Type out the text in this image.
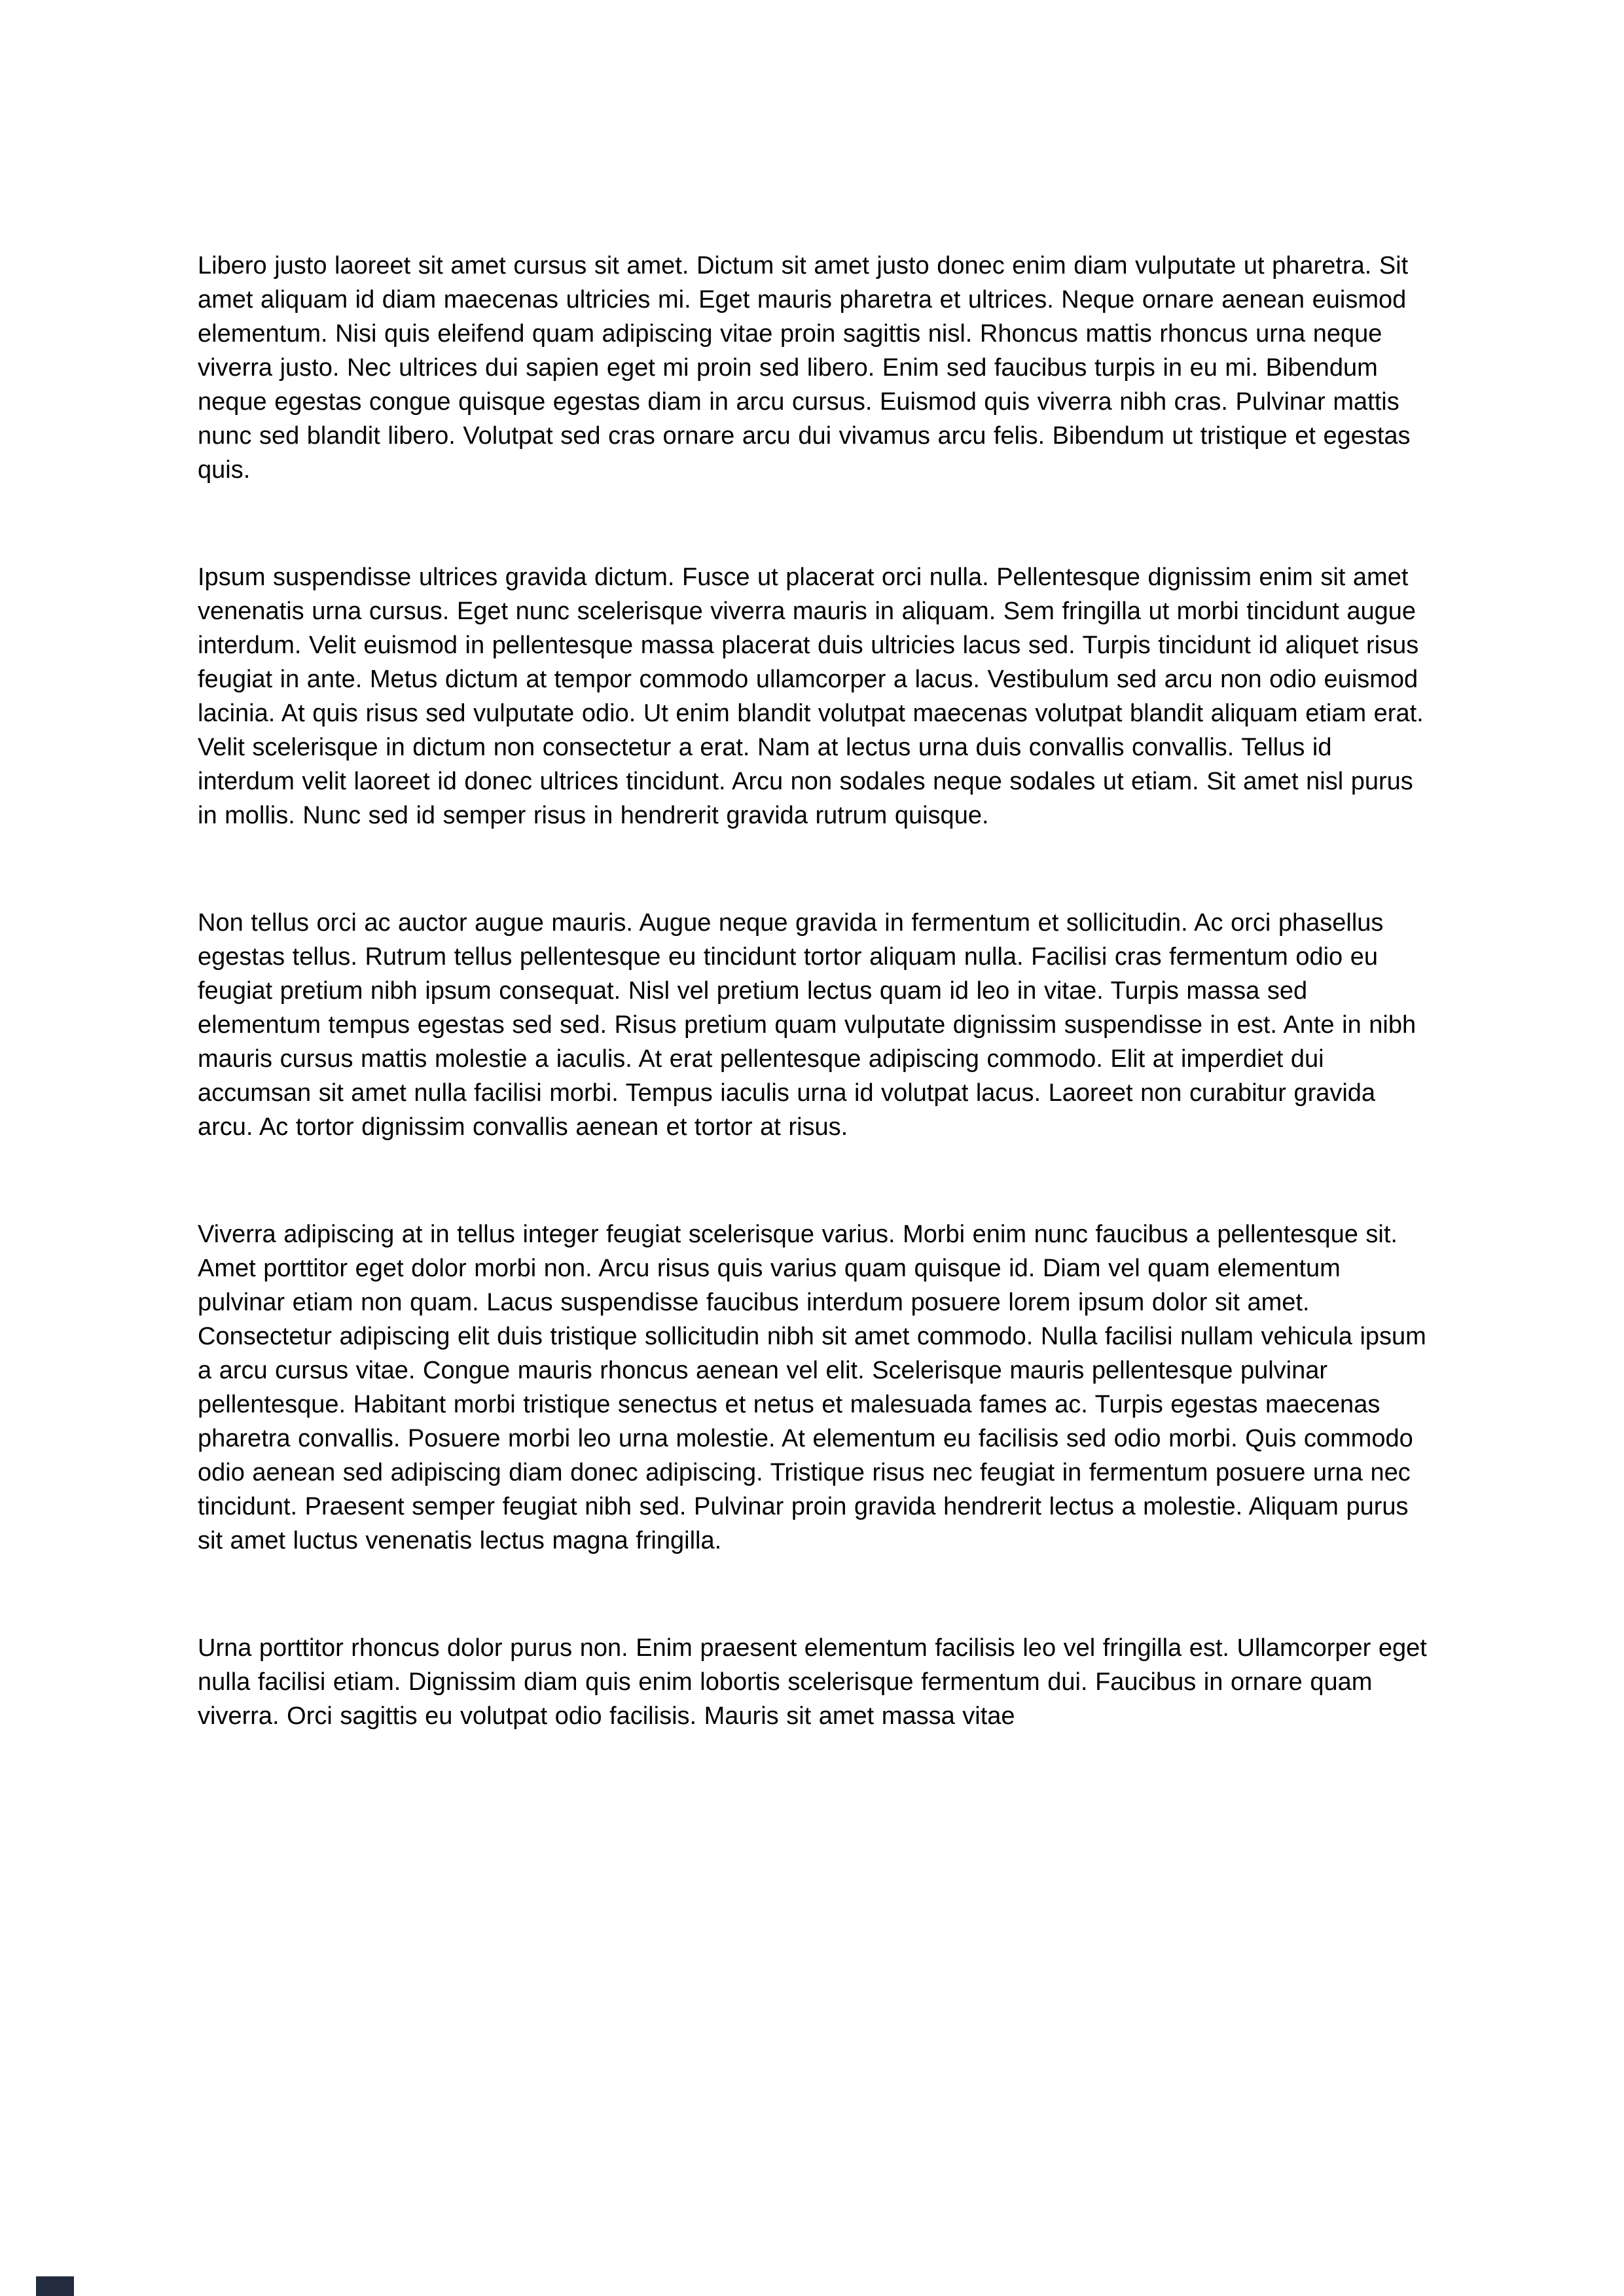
Libero justo laoreet sit amet cursus sit amet. Dictum sit amet justo donec enim diam vulputate ut pharetra. Sit amet aliquam id diam maecenas ultricies mi. Eget mauris pharetra et ultrices. Neque ornare aenean euismod elementum. Nisi quis eleifend quam adipiscing vitae proin sagittis nisl. Rhoncus mattis rhoncus urna neque viverra justo. Nec ultrices dui sapien eget mi proin sed libero. Enim sed faucibus turpis in eu mi. Bibendum neque egestas congue quisque egestas diam in arcu cursus. Euismod quis viverra nibh cras. Pulvinar mattis nunc sed blandit libero. Volutpat sed cras ornare arcu dui vivamus arcu felis. Bibendum ut tristique et egestas quis.

Ipsum suspendisse ultrices gravida dictum. Fusce ut placerat orci nulla. Pellentesque dignissim enim sit amet venenatis urna cursus. Eget nunc scelerisque viverra mauris in aliquam. Sem fringilla ut morbi tincidunt augue interdum. Velit euismod in pellentesque massa placerat duis ultricies lacus sed. Turpis tincidunt id aliquet risus feugiat in ante. Metus dictum at tempor commodo ullamcorper a lacus. Vestibulum sed arcu non odio euismod lacinia. At quis risus sed vulputate odio. Ut enim blandit volutpat maecenas volutpat blandit aliquam etiam erat. Velit scelerisque in dictum non consectetur a erat. Nam at lectus urna duis convallis convallis. Tellus id interdum velit laoreet id donec ultrices tincidunt. Arcu non sodales neque sodales ut etiam. Sit amet nisl purus in mollis. Nunc sed id semper risus in hendrerit gravida rutrum quisque.

Non tellus orci ac auctor augue mauris. Augue neque gravida in fermentum et sollicitudin. Ac orci phasellus egestas tellus. Rutrum tellus pellentesque eu tincidunt tortor aliquam nulla. Facilisi cras fermentum odio eu feugiat pretium nibh ipsum consequat. Nisl vel pretium lectus quam id leo in vitae. Turpis massa sed elementum tempus egestas sed sed. Risus pretium quam vulputate dignissim suspendisse in est. Ante in nibh mauris cursus mattis molestie a iaculis. At erat pellentesque adipiscing commodo. Elit at imperdiet dui accumsan sit amet nulla facilisi morbi. Tempus iaculis urna id volutpat lacus. Laoreet non curabitur gravida arcu. Ac tortor dignissim convallis aenean et tortor at risus.

Viverra adipiscing at in tellus integer feugiat scelerisque varius. Morbi enim nunc faucibus a pellentesque sit. Amet porttitor eget dolor morbi non. Arcu risus quis varius quam quisque id. Diam vel quam elementum pulvinar etiam non quam. Lacus suspendisse faucibus interdum posuere lorem ipsum dolor sit amet. Consectetur adipiscing elit duis tristique sollicitudin nibh sit amet commodo. Nulla facilisi nullam vehicula ipsum a arcu cursus vitae. Congue mauris rhoncus aenean vel elit. Scelerisque mauris pellentesque pulvinar pellentesque. Habitant morbi tristique senectus et netus et malesuada fames ac. Turpis egestas maecenas pharetra convallis. Posuere morbi leo urna molestie. At elementum eu facilisis sed odio morbi. Quis commodo odio aenean sed adipiscing diam donec adipiscing. Tristique risus nec feugiat in fermentum posuere urna nec tincidunt. Praesent semper feugiat nibh sed. Pulvinar proin gravida hendrerit lectus a molestie. Aliquam purus sit amet luctus venenatis lectus magna fringilla.

Urna porttitor rhoncus dolor purus non. Enim praesent elementum facilisis leo vel fringilla est. Ullamcorper eget nulla facilisi etiam. Dignissim diam quis enim lobortis scelerisque fermentum dui. Faucibus in ornare quam viverra. Orci sagittis eu volutpat odio facilisis. Mauris sit amet massa vitae
